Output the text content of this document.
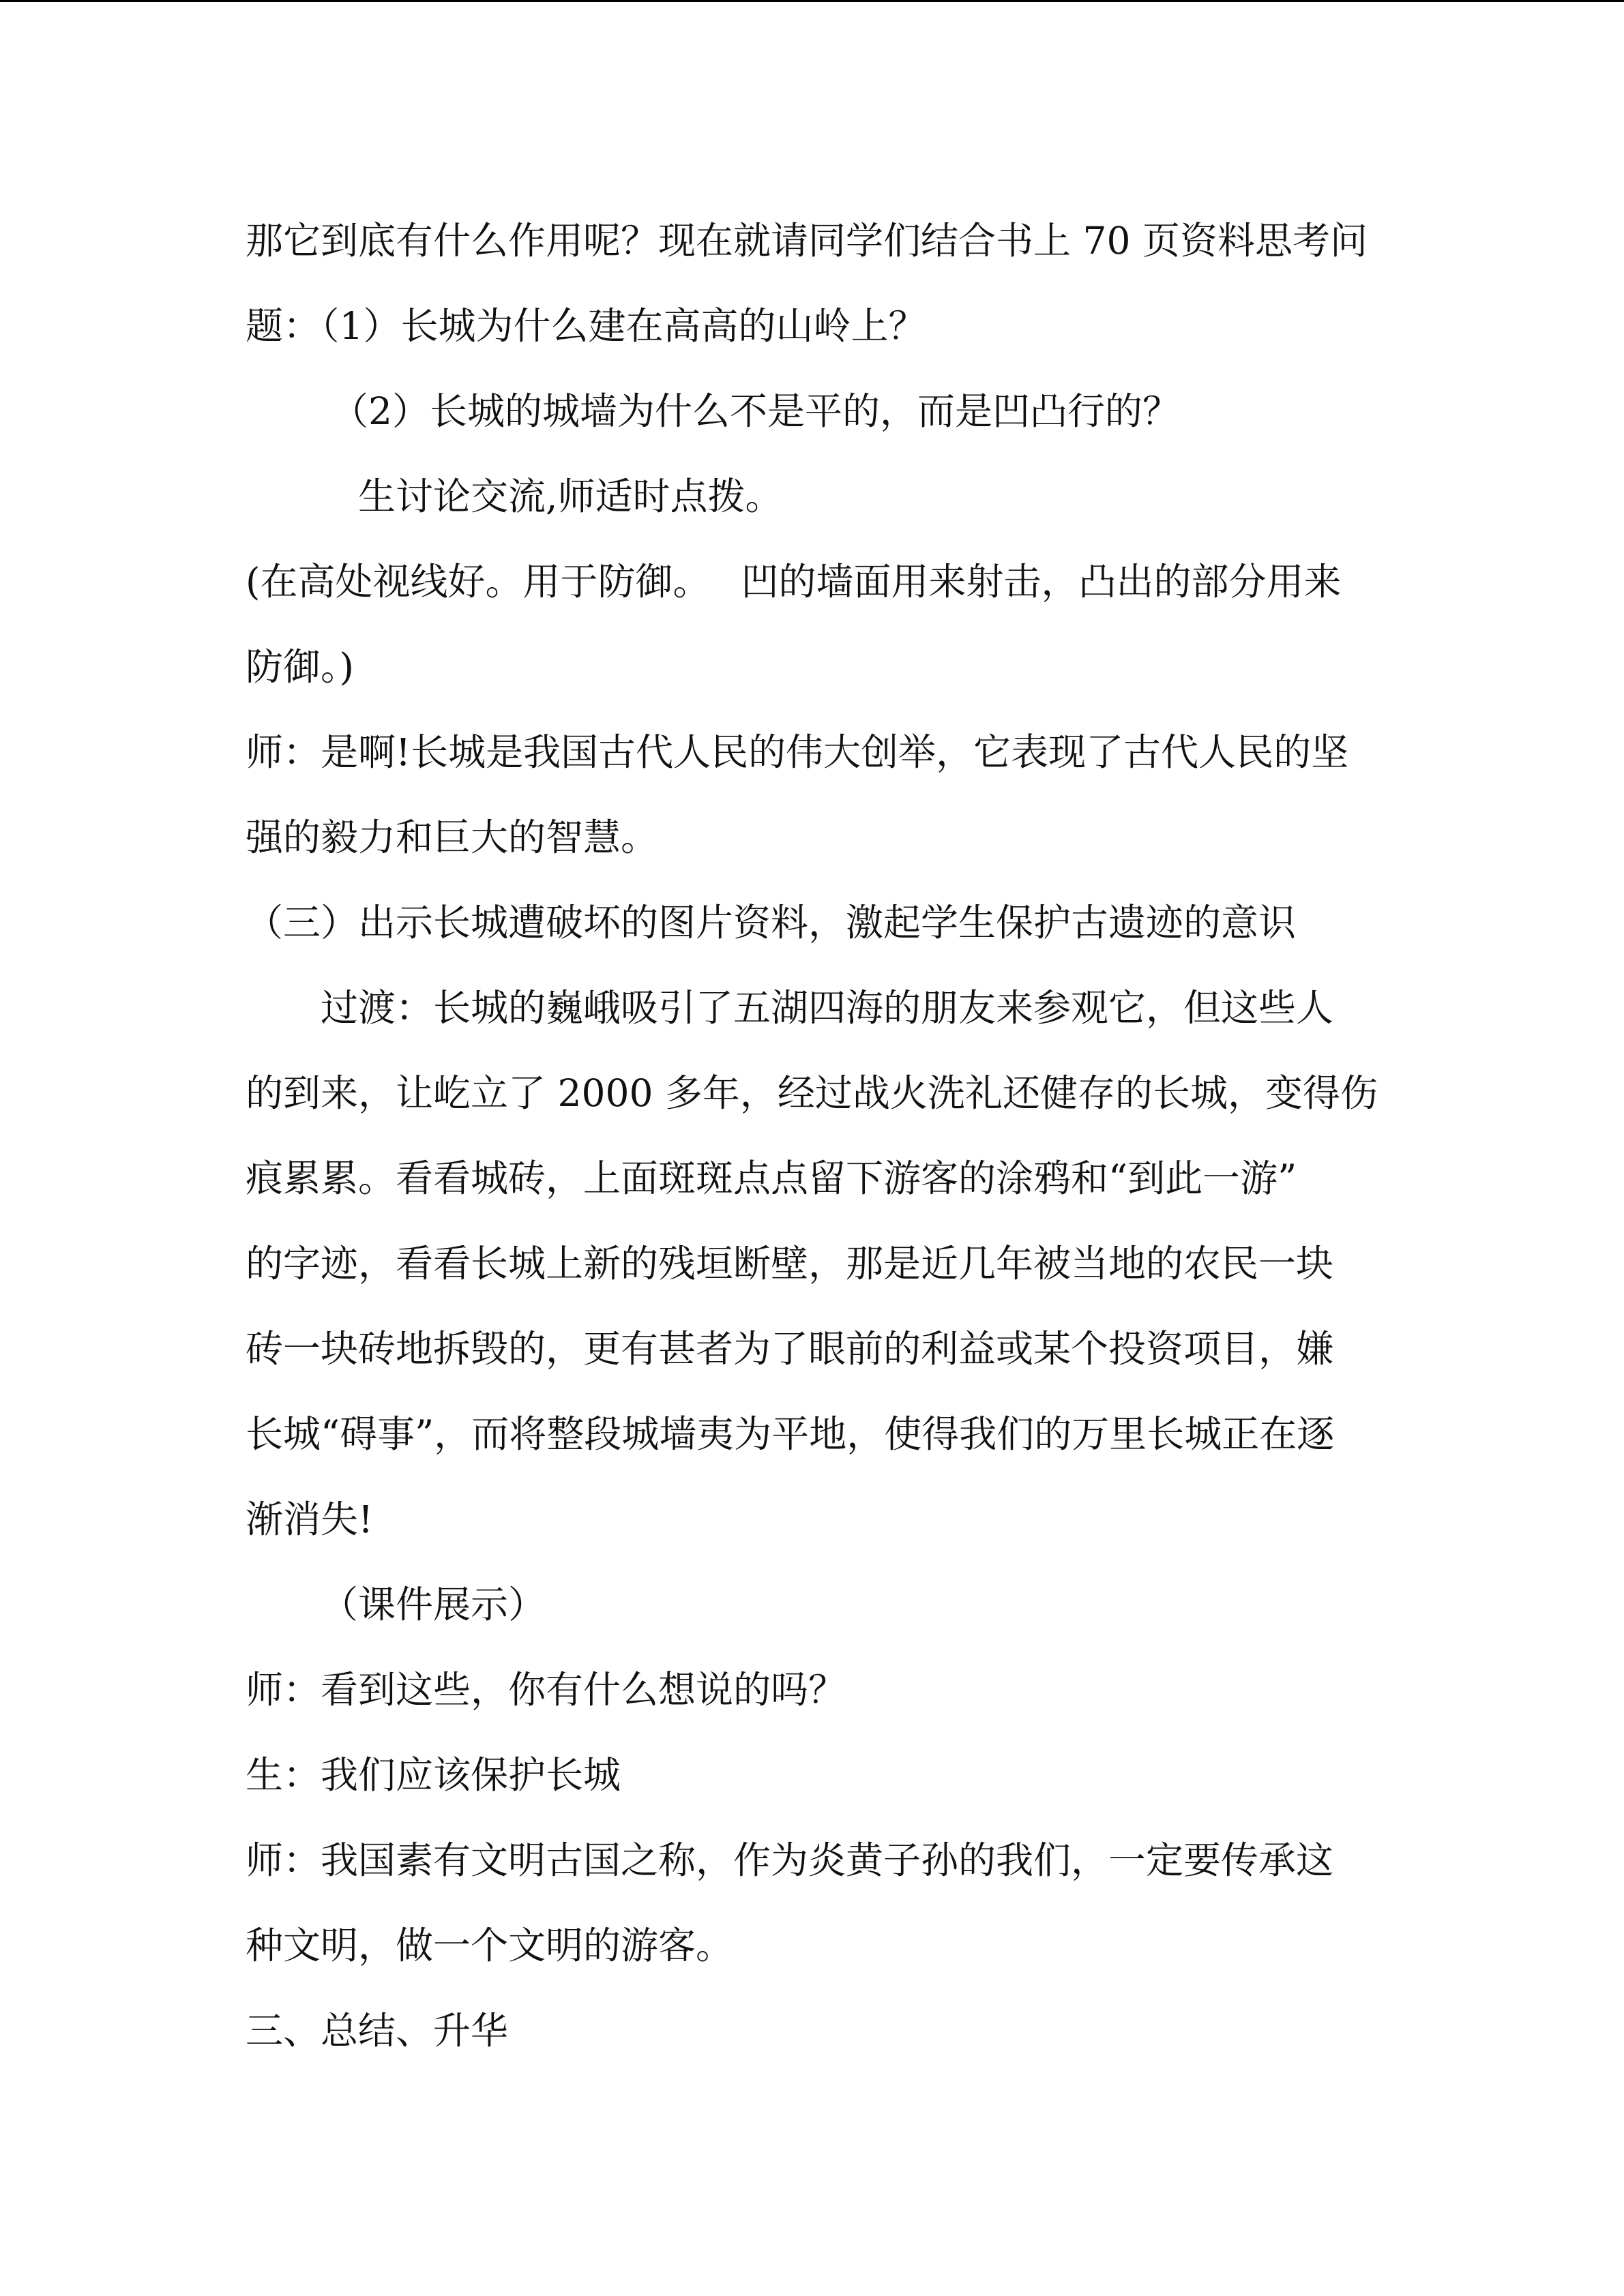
那它到底有什么作用呢？现在就请同学们结合书上 70 页资料思考问
题：（1）长城为什么建在高高的山岭上？
（2）长城的城墙为什么不是平的，而是凹凸行的？
生讨论交流,师适时点拨。
(在高处视线好。用于防御。　 凹的墙面用来射击，凸出的部分用来
防御。)
师：是啊!长城是我国古代人民的伟大创举，它表现了古代人民的坚
强的毅力和巨大的智慧。
（三）出示长城遭破坏的图片资料，激起学生保护古遗迹的意识
过渡：长城的巍峨吸引了五湖四海的朋友来参观它，但这些人
的到来，让屹立了 2000 多年，经过战火洗礼还健存的长城，变得伤
痕累累。看看城砖，上面斑斑点点留下游客的涂鸦和“到此一游”
的字迹，看看长城上新的残垣断壁，那是近几年被当地的农民一块
砖一块砖地拆毁的，更有甚者为了眼前的利益或某个投资项目，嫌
长城“碍事”，而将整段城墙夷为平地，使得我们的万里长城正在逐
渐消失!
（课件展示）
师：看到这些，你有什么想说的吗？
生：我们应该保护长城
师：我国素有文明古国之称，作为炎黄子孙的我们，一定要传承这
种文明，做一个文明的游客。
三、总结、升华
